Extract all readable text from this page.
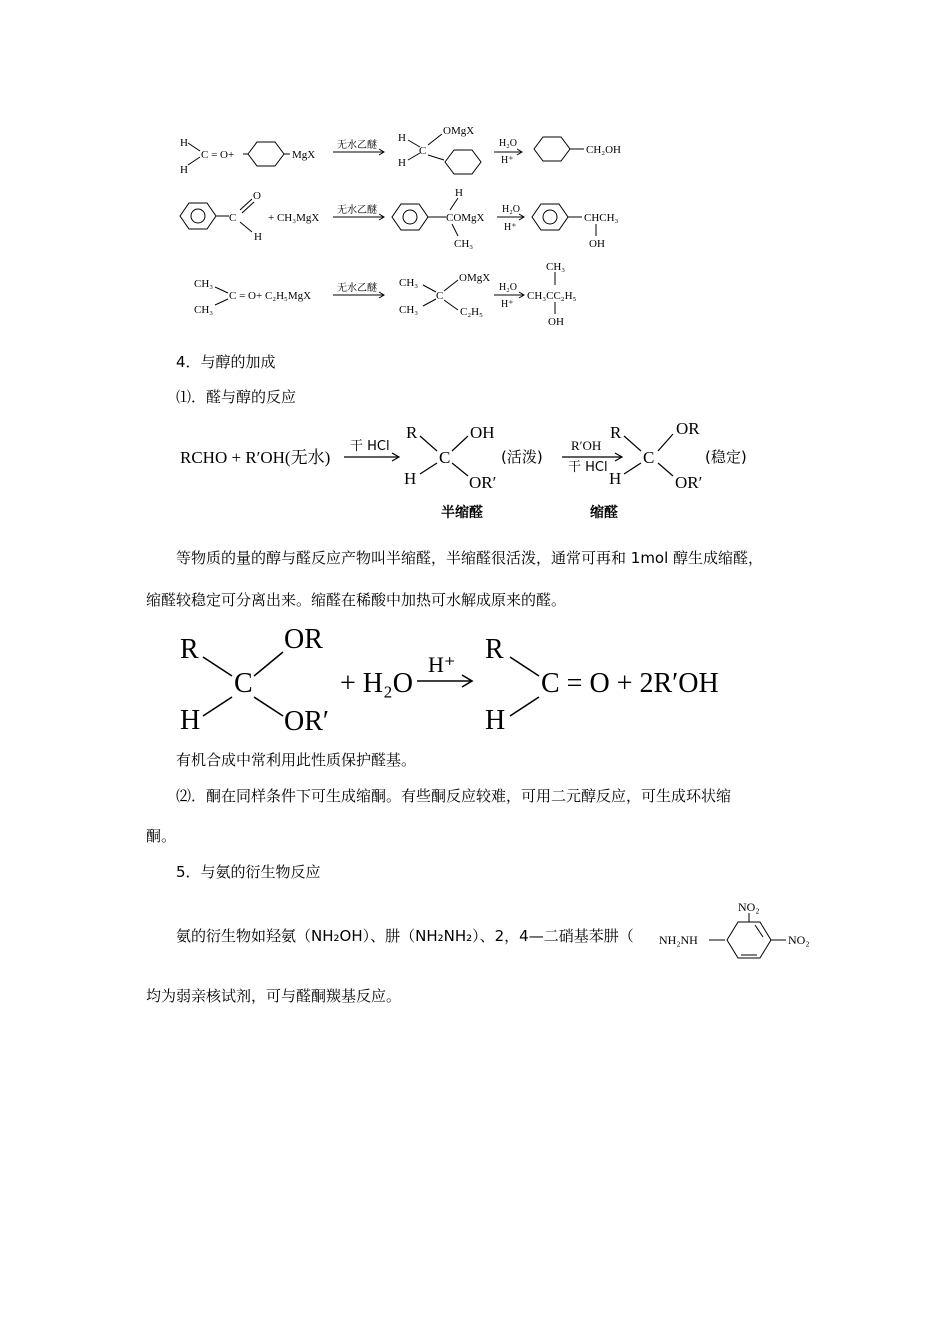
H
H
C = O+	MgX
无水乙醚
H
C
OMgX
H
H₂O
H⁺
CH₂OH
C
O
H
+ CH₃MgX
无水乙醚
H
COMgX
CH₃
H₂O
H⁺
CHCH₃
OH
CH₃
CH₃
C = O+ C₂H₅MgX
无水乙醚 CH₃
CH₃
C
OMgX
C₂H₅
H₂O
H⁺
CH₃
CH₃CC₂H₅
OH
4．与醇的加成
⑴．醛与醇的反应
RCHO + R′OH(无水)
干 HCl
R	OH
C
H	OR′
(活泼)
R′OH
干 HCl
R	OR
C
H	OR′
(稳定)
半缩醛	缩醛
等物质的量的醇与醛反应产物叫半缩醛，半缩醛很活泼，通常可再和 1mol 醇生成缩醛，
缩醛较稳定可分离出来。缩醛在稀酸中加热可水解成原来的醛。
R	OR
C
H	OR′
+ H₂O
H⁺ R
C = O + 2R′OH
H
有机合成中常利用此性质保护醛基。
⑵．酮在同样条件下可生成缩酮。有些酮反应较难，可用二元醇反应，可生成环状缩
酮。
5．与氨的衍生物反应
氨的衍生物如羟氨（NH₂OH）、肼（NH₂NH₂）、2，4—二硝基苯肼（ NH₂NH
NO₂
NO₂
均为弱亲核试剂，可与醛酮羰基反应。
